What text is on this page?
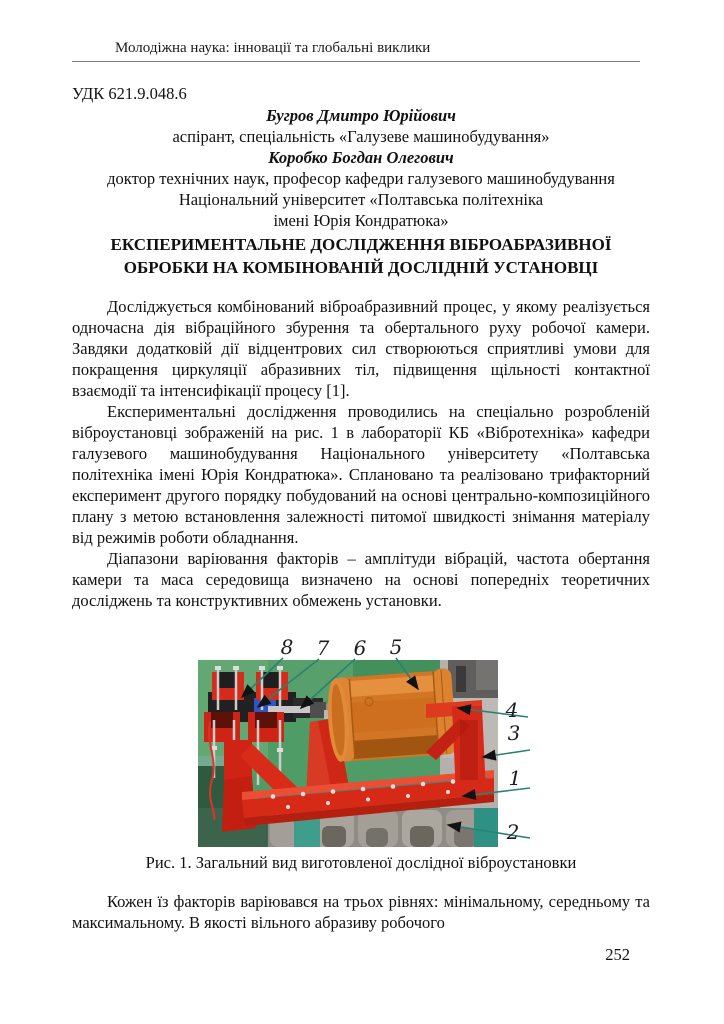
Молодіжна наука: інновації та глобальні виклики
УДК 621.9.048.6
Бугров Дмитро Юрійович
аспірант, спеціальність «Галузеве машинобудування»
Коробко Богдан Олегович
доктор технічних наук, професор кафедри галузевого машинобудування
Національний університет «Полтавська політехніка
імені Юрія Кондратюка»
ЕКСПЕРИМЕНТАЛЬНЕ ДОСЛІДЖЕННЯ ВІБРОАБРАЗИВНОЇ ОБРОБКИ НА КОМБІНОВАНІЙ ДОСЛІДНІЙ УСТАНОВЦІ

Досліджується комбінований віброабразивний процес, у якому реалізується одночасна дія вібраційного збурення та обертального руху робочої камери. Завдяки додатковій дії відцентрових сил створюються сприятливі умови для покращення циркуляції абразивних тіл, підвищення щільності контактної взаємодії та інтенсифікації процесу [1].

Експериментальні дослідження проводились на спеціально розробленій віброустановці зображеній на рис. 1 в лабораторії КБ «Вібротехніка» кафедри галузевого машинобудування Національного університету «Полтавська політехніка імені Юрія Кондратюка». Сплановано та реалізовано трифакторний експеримент другого порядку побудований на основі центрально-композиційного плану з метою встановлення залежності питомої швидкості знімання матеріалу від режимів роботи обладнання.

Діапазони варіювання факторів – амплітуди вібрацій, частота обертання камери та маса середовища визначено на основі попередніх теоретичних досліджень та конструктивних обмежень установки.

8 7 6 5
4
3
1
2
Рис. 1. Загальний вид виготовленої дослідної віброустановки

Кожен їз факторів варіювався на трьох рівнях: мінімальному, середньому та максимальному. В якості вільного абразиву робочого

252
